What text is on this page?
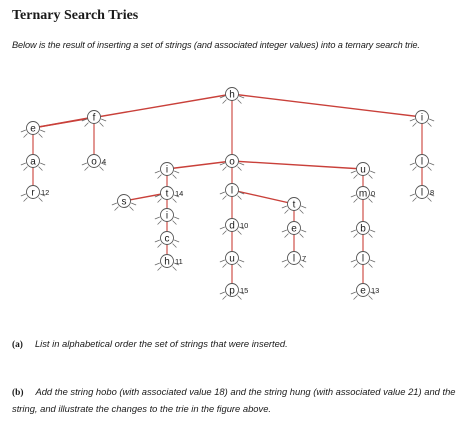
Ternary Search Tries
Below is the result of inserting a set of strings (and associated integer values) into a ternary search trie.
h
e
f	i
a
r 12
o 4	o
i
s
t 14
i
c
h 11
l
d 10
u
p 15
t
e
l 7
u
m 0
b
l
e 13
l
l 8
(a) List in alphabetical order the set of strings that were inserted.
(b) Add the string hobo (with associated value 18) and the string hung (with associated value 21) and the string, and illustrate the changes to the trie in the figure above.
